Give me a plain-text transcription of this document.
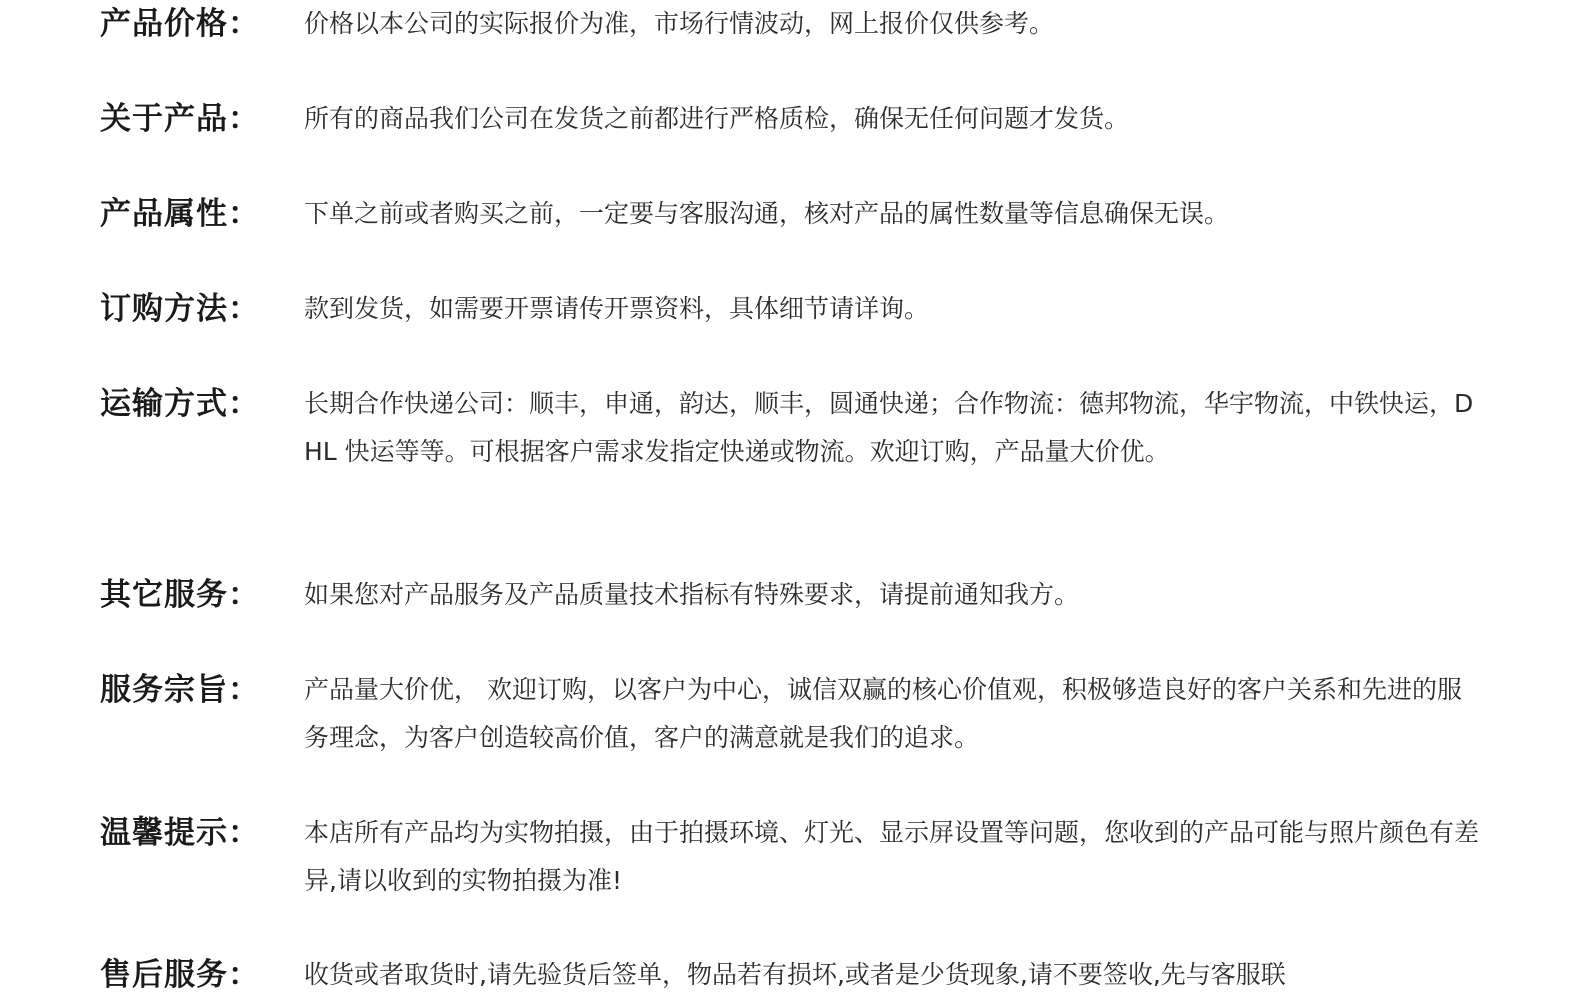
产品价格：	价格以本公司的实际报价为准，市场行情波动，网上报价仅供参考。
关于产品：	所有的商品我们公司在发货之前都进行严格质检，确保无任何问题才发货。
产品属性：	下单之前或者购买之前，一定要与客服沟通，核对产品的属性数量等信息确保无误。
订购方法：	款到发货，如需要开票请传开票资料，具体细节请详询。
运输方式：	长期合作快递公司：顺丰，申通，韵达，顺丰，圆通快递；合作物流：德邦物流，华宇物流，中铁快运，DHL 快运等等。可根据客户需求发指定快递或物流。欢迎订购，产品量大价优。
其它服务：	如果您对产品服务及产品质量技术指标有特殊要求，请提前通知我方。
服务宗旨：	产品量大价优， 欢迎订购，以客户为中心，诚信双赢的核心价值观，积极够造良好的客户关系和先进的服务理念，为客户创造较高价值，客户的满意就是我们的追求。
温馨提示：	本店所有产品均为实物拍摄，由于拍摄环境、灯光、显示屏设置等问题，您收到的产品可能与照片颜色有差异,请以收到的实物拍摄为准!
售后服务：	收货或者取货时,请先验货后签单，物品若有损坏,或者是少货现象,请不要签收,先与客服联
